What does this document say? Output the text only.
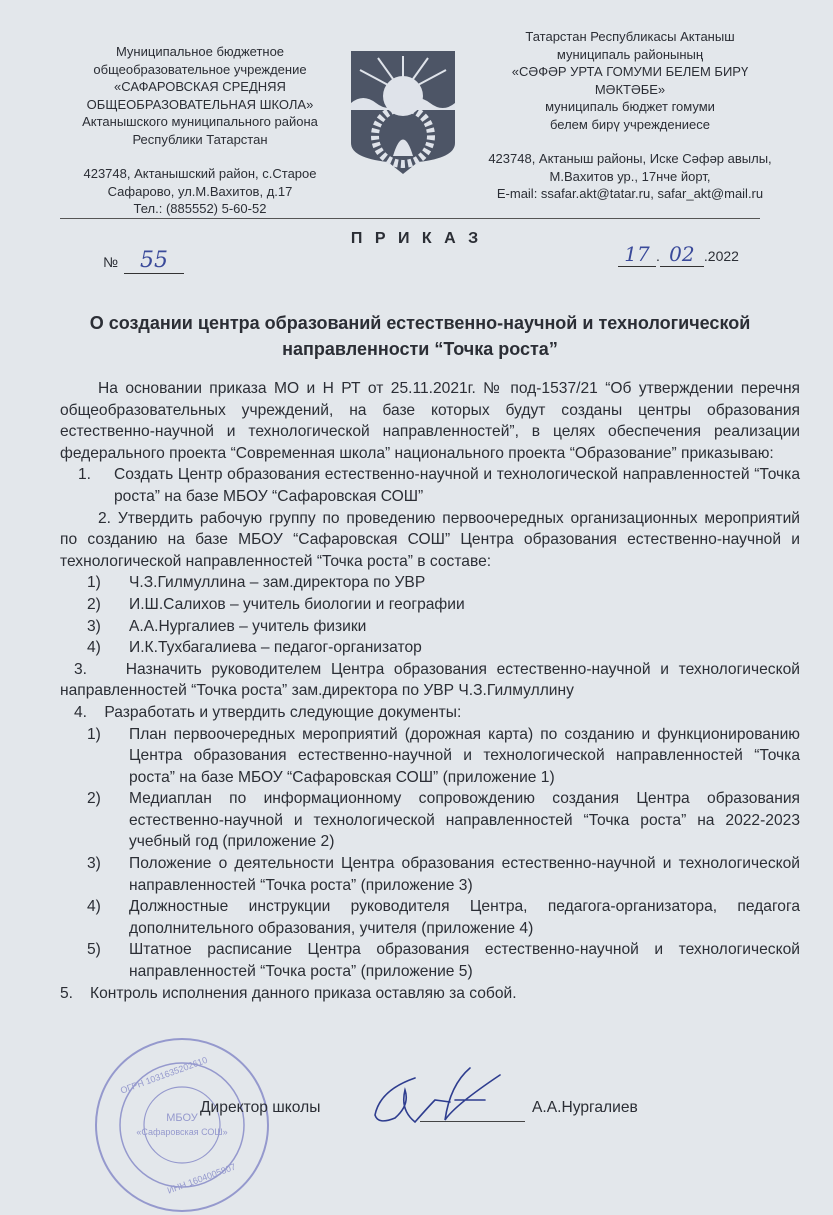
Муниципальное бюджетное
общеобразовательное учреждение
«САФАРОВСКАЯ СРЕДНЯЯ
ОБЩЕОБРАЗОВАТЕЛЬНАЯ ШКОЛА»
Актанышского муниципального района
Республики Татарстан
423748, Актанышский район, с.Старое
Сафарово, ул.М.Вахитов, д.17
Тел.: (885552) 5-60-52
Татарстан Республикасы Актаныш
муниципаль районының
«СӘФӘР УРТА ГОМУМИ БЕЛЕМ БИРҮ
МӘКТӘБЕ»
муниципаль бюджет гомуми
белем бирү учреждениесе
423748, Актаныш районы, Иске Сәфәр авылы,
М.Вахитов ур., 17нче йорт,
E-mail: ssafar.akt@tatar.ru, safar_akt@mail.ru
П Р И К А З
№ 55	17 . 02 .2022
О создании центра образований естественно-научной и технологической направленности “Точка роста”

На основании приказа МО и Н РТ от 25.11.2021г. № под-1537/21 “Об утверждении перечня общеобразовательных учреждений, на базе которых будут созданы центры образования естественно-научной и технологической направленностей”, в целях обеспечения реализации федерального проекта “Современная школа” национального проекта “Образование” приказываю:

1.	Создать Центр образования естественно-научной и технологической направленностей “Точка роста” на базе МБОУ “Сафаровская СОШ”

2. Утвердить рабочую группу по проведению первоочередных организационных мероприятий по созданию на базе МБОУ “Сафаровская СОШ” Центра образования естественно-научной и технологической направленностей “Точка роста” в составе:

1)	Ч.З.Гилмуллина – зам.директора по УВР
2)	И.Ш.Салихов – учитель биологии и географии
3)	А.А.Нургалиев – учитель физики
4)	И.К.Тухбагалиева – педагог-организатор

3. Назначить руководителем Центра образования естественно-научной и технологической направленностей “Точка роста” зам.директора по УВР Ч.З.Гилмуллину

4. Разработать и утвердить следующие документы:

1)	План первоочередных мероприятий (дорожная карта) по созданию и функционированию Центра образования естественно-научной и технологической направленностей “Точка роста” на базе МБОУ “Сафаровская СОШ” (приложение 1)
2)	Медиаплан по информационному сопровождению создания Центра образования естественно-научной и технологической направленностей “Точка роста” на 2022-2023 учебный год (приложение 2)
3)	Положение о деятельности Центра образования естественно-научной и технологической направленностей “Точка роста” (приложение 3)
4)	Должностные инструкции руководителя Центра, педагога-организатора, педагога дополнительного образования, учителя (приложение 4)
5)	Штатное расписание Центра образования естественно-научной и технологической направленностей “Точка роста” (приложение 5)
5.	Контроль исполнения данного приказа оставляю за собой.
МБОУ
«Сафаровская СОШ»
ОГРН 1031635202610
ИНН 1604005807
Директор школы	А.А.Нургалиев
